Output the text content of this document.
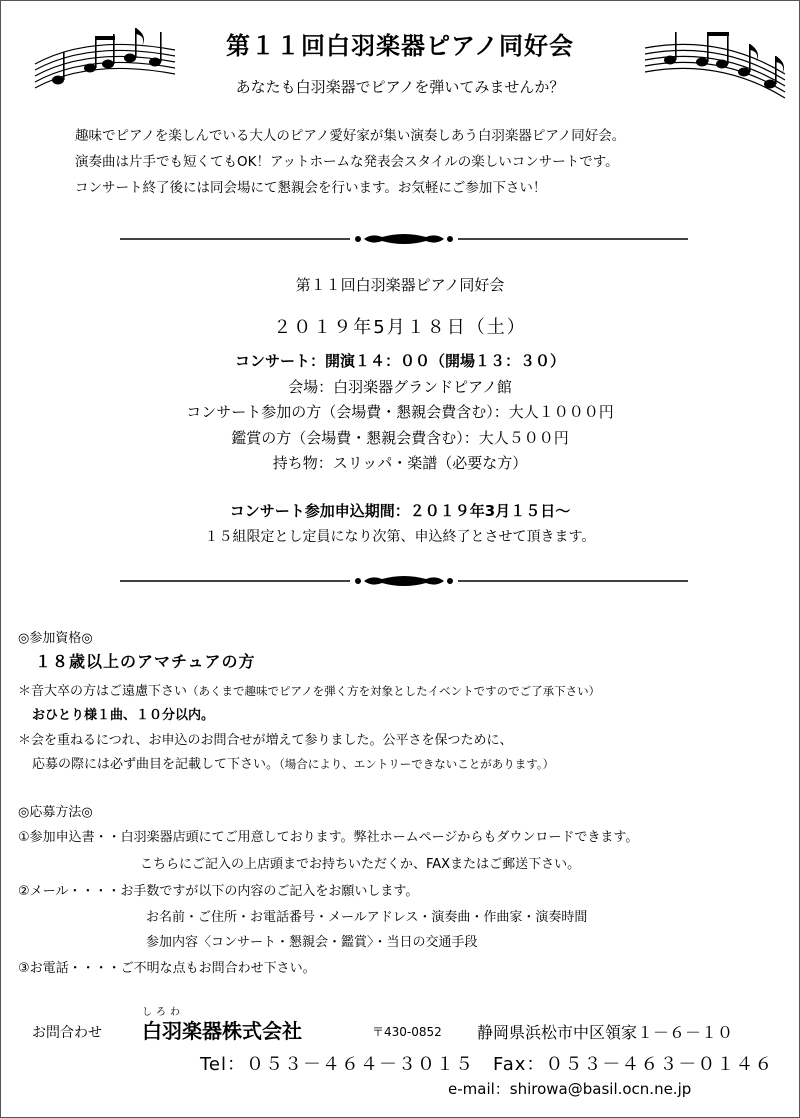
第１１回白羽楽器ピアノ同好会
あなたも白羽楽器でピアノを弾いてみませんか？
趣味でピアノを楽しんでいる大人のピアノ愛好家が集い演奏しあう白羽楽器ピアノ同好会。
演奏曲は片手でも短くてもOK！アットホームな発表会スタイルの楽しいコンサートです。
コンサート終了後には同会場にて懇親会を行います。お気軽にご参加下さい！
第１１回白羽楽器ピアノ同好会
２０１９年5月１８日（土）
コンサート：開演１４：００（開場１３：３０）
会場：白羽楽器グランドピアノ館
コンサート参加の方（会場費・懇親会費含む）：大人１０００円
鑑賞の方（会場費・懇親会費含む）：大人５００円
持ち物：スリッパ・楽譜（必要な方）
コンサート参加申込期間：２０１９年3月１５日～
１５組限定とし定員になり次第、申込終了とさせて頂きます。
◎参加資格◎
１８歳以上のアマチュアの方
＊音大卒の方はご遠慮下さい（あくまで趣味でピアノを弾く方を対象としたイベントですのでご了承下さい）
おひとり様１曲、１０分以内。
＊会を重ねるにつれ、お申込のお問合せが増えて参りました。公平さを保つために、
応募の際には必ず曲目を記載して下さい。（場合により、エントリーできないことがあります。）
◎応募方法◎
①参加申込書・・白羽楽器店頭にてご用意しております。弊社ホームページからもダウンロードできます。
こちらにご記入の上店頭までお持ちいただくか、FAXまたはご郵送下さい。
②メール・・・・お手数ですが以下の内容のご記入をお願いします。
お名前・ご住所・お電話番号・メールアドレス・演奏曲・作曲家・演奏時間
参加内容〈コンサート・懇親会・鑑賞〉・当日の交通手段
③お電話・・・・ご不明な点もお問合わせ下さい。
お問合わせ
しろわ
白羽楽器株式会社	〒430-0852 静岡県浜松市中区領家１－６－１０
Tel：０５３－４６４－３０１５　Fax：０５３－４６３－０１４６
e-mail：shirowa@basil.ocn.ne.jp
